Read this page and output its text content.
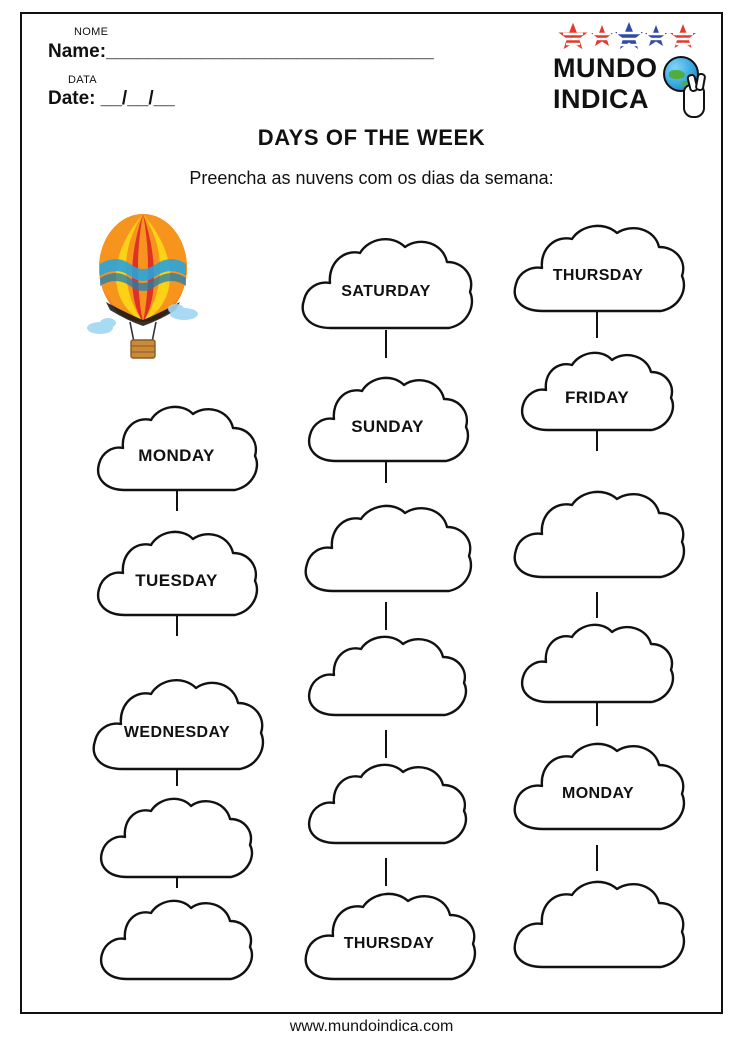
NOME
Name:_______________________________
DATA
Date: __/__/__
MUNDO
INDICA
DAYS OF THE WEEK
Preencha as nuvens com os dias da semana:
MONDAY
TUESDAY
WEDNESDAY
SATURDAY
SUNDAY
THURSDAY
THURSDAY
FRIDAY
MONDAY
www.mundoindica.com
